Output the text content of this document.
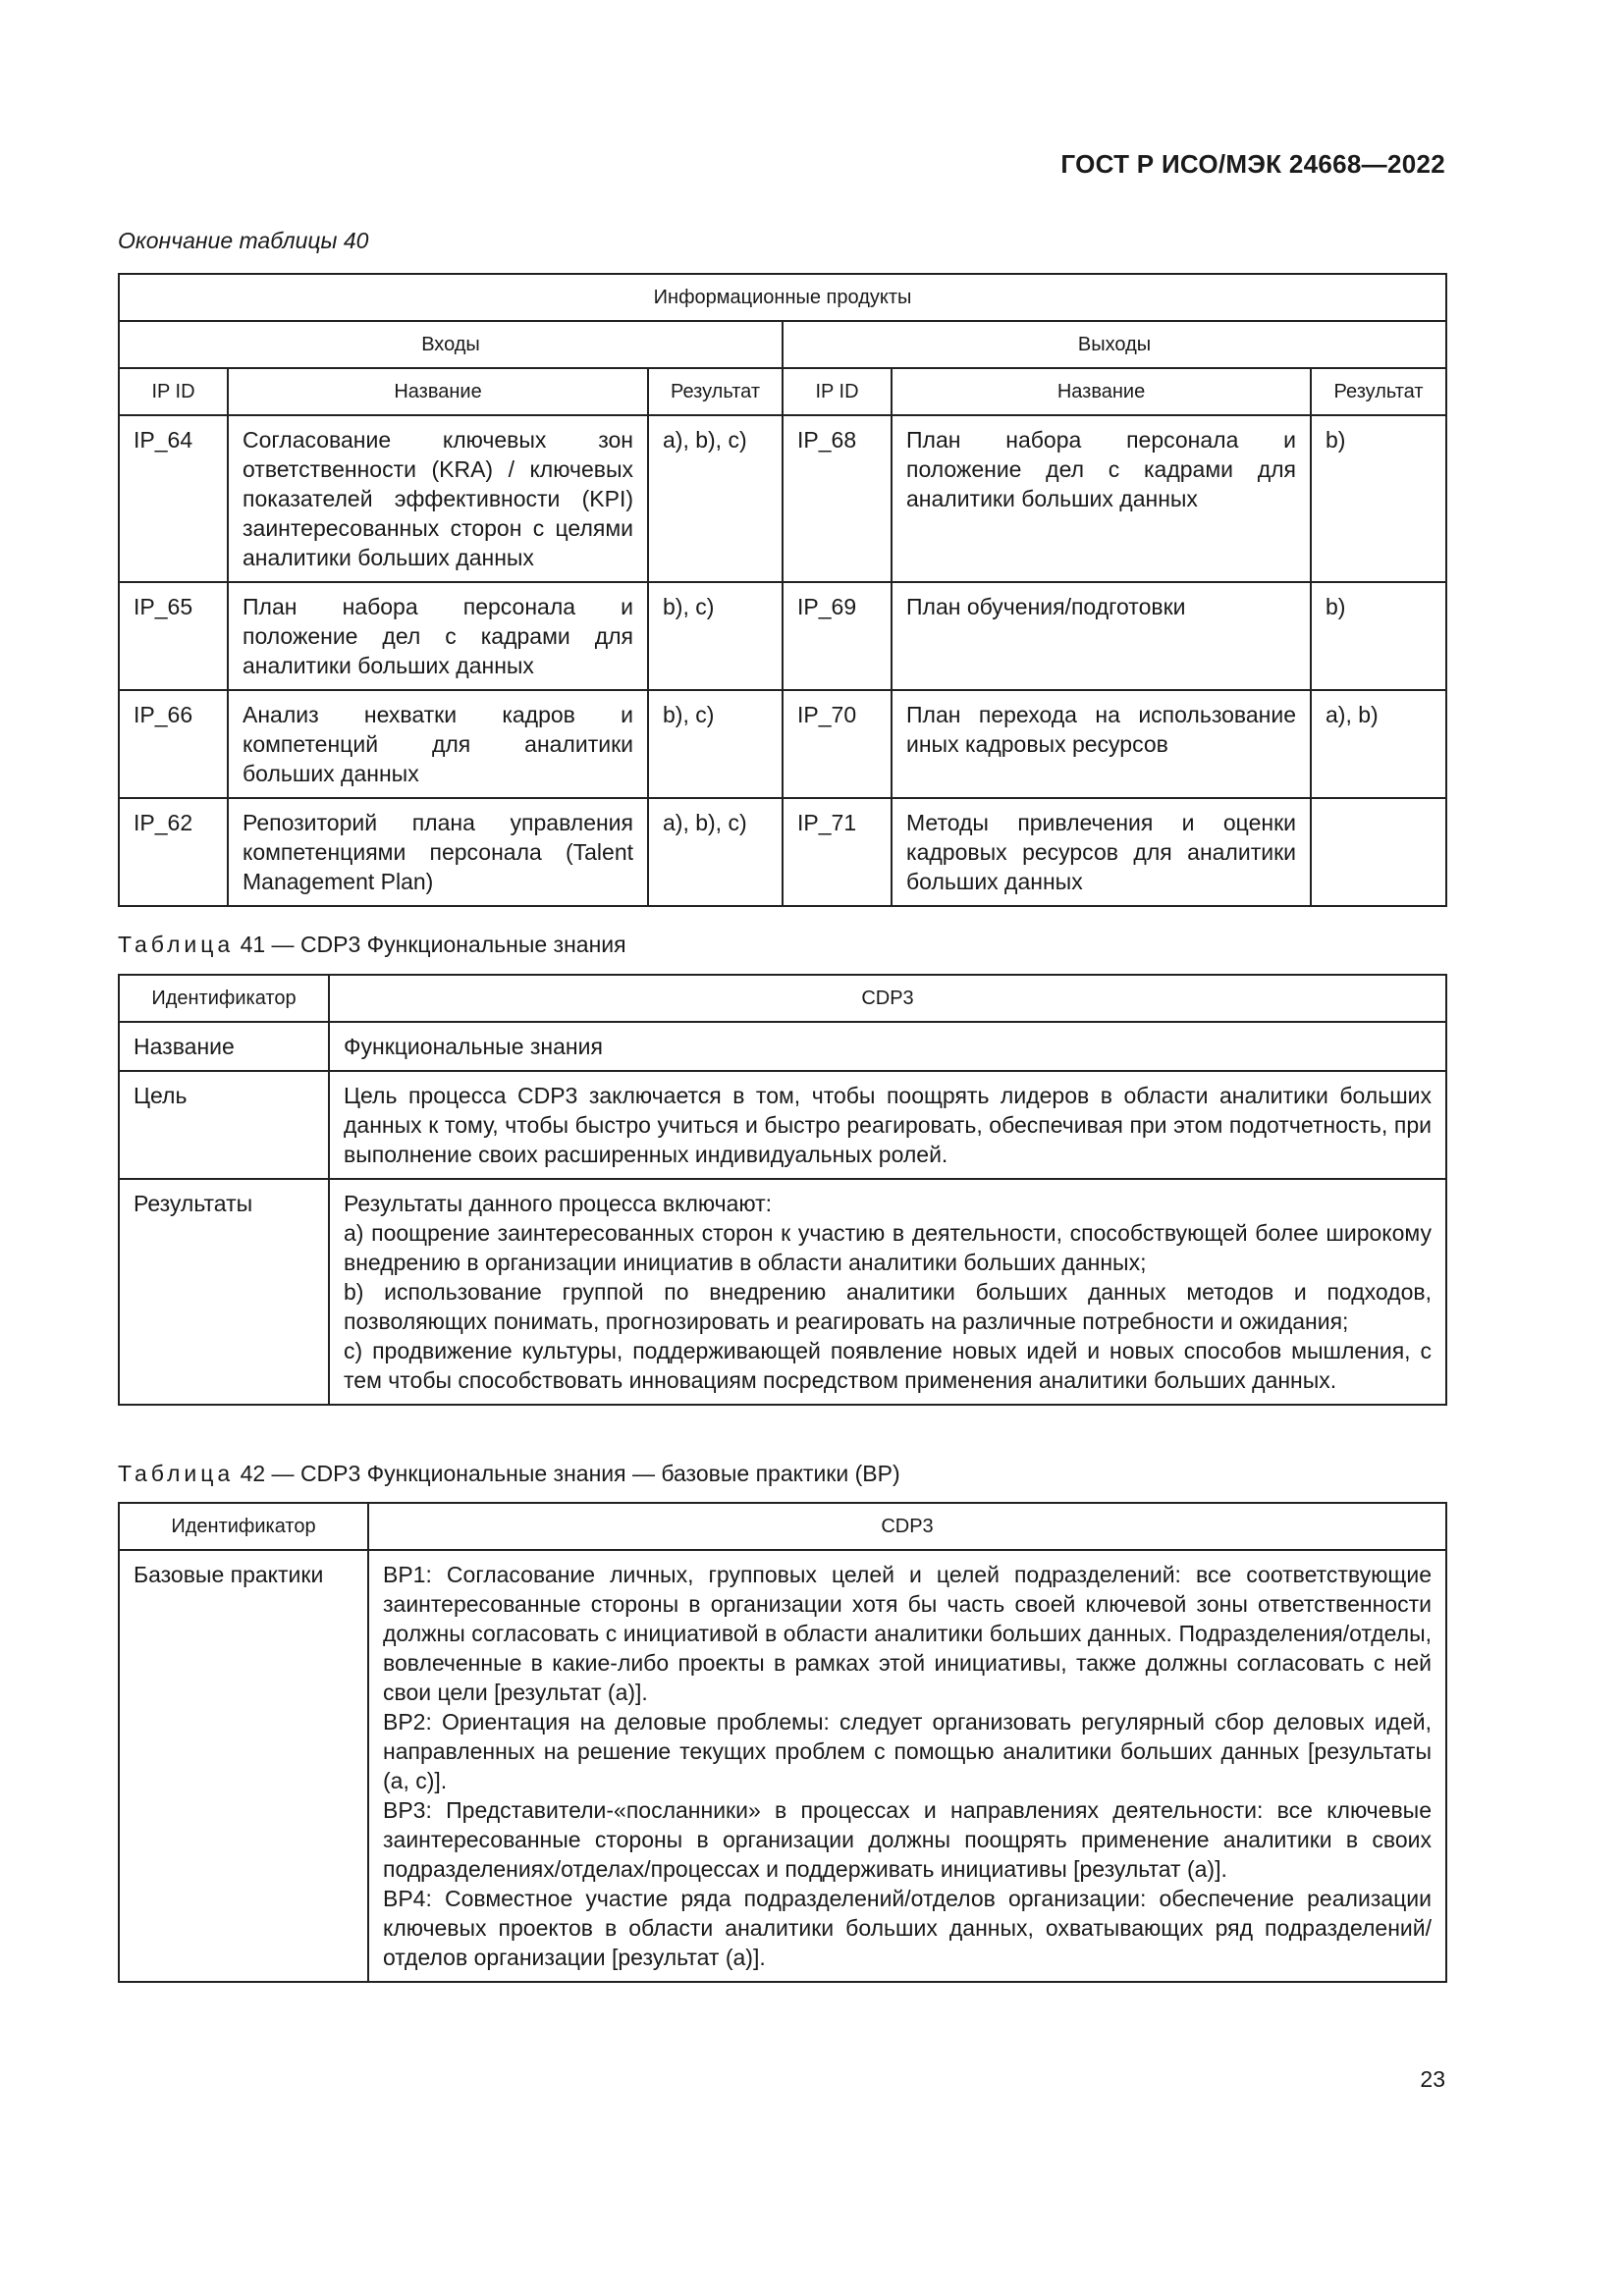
ГОСТ Р ИСО/МЭК 24668—2022
Окончание таблицы 40
Информационные продукты					
Входы			Выходы		
IP ID	Название	Результат	IP ID	Название	Результат
IP_64	Согласование ключевых зон ответственности (KRA) / ключевых показателей эффективности (KPI) заинтересованных сторон с целями аналитики больших данных	a), b), c)	IP_68	План набора персонала и положение дел с кадрами для аналитики больших данных	b)
IP_65	План набора персонала и положение дел с кадрами для аналитики больших данных	b), c)	IP_69	План обучения/подготовки	b)
IP_66	Анализ нехватки кадров и компетенций для аналитики больших данных	b), c)	IP_70	План перехода на использование иных кадровых ресурсов	a), b)
IP_62	Репозиторий плана управления компетенциями персонала (Talent Management Plan)	a), b), c)	IP_71	Методы привлечения и оценки кадровых ресурсов для аналитики больших данных	
Таблица 41 — CDP3 Функциональные знания
Идентификатор	CDP3
Название	Функциональные знания
Цель	Цель процесса CDP3 заключается в том, чтобы поощрять лидеров в области аналитики больших данных к тому, чтобы быстро учиться и быстро реагировать, обеспечивая при этом подотчетность, при выполнение своих расширенных индивидуальных ролей.
Результаты	Результаты данного процесса включают:
а) поощрение заинтересованных сторон к участию в деятельности, способствующей более широкому внедрению в организации инициатив в области аналитики больших данных;
b) использование группой по внедрению аналитики больших данных методов и подходов, позволяющих понимать, прогнозировать и реагировать на различные потребности и ожидания;
c) продвижение культуры, поддерживающей появление новых идей и новых способов мышления, с тем чтобы способствовать инновациям посредством применения аналитики больших данных.
Таблица 42 — CDP3 Функциональные знания — базовые практики (BP)
Идентификатор	CDP3
Базовые практики	BP1: Согласование личных, групповых целей и целей подразделений: все соответствующие заинтересованные стороны в организации хотя бы часть своей ключевой зоны ответственности должны согласовать с инициативой в области аналитики больших данных. Подразделения/отделы, вовлеченные в какие-либо проекты в рамках этой инициативы, также должны согласовать с ней свои цели [результат (а)].
BP2: Ориентация на деловые проблемы: следует организовать регулярный сбор деловых идей, направленных на решение текущих проблем с помощью аналитики больших данных [результаты (а, с)].
BP3: Представители-«посланники» в процессах и направлениях деятельности: все ключевые заинтересованные стороны в организации должны поощрять применение аналитики в своих подразделениях/отделах/процессах и поддерживать инициативы [результат (а)].
BP4: Совместное участие ряда подразделений/отделов организации: обеспечение реализации ключевых проектов в области аналитики больших данных, охватывающих ряд подразделений/отделов организации [результат (а)].
23
